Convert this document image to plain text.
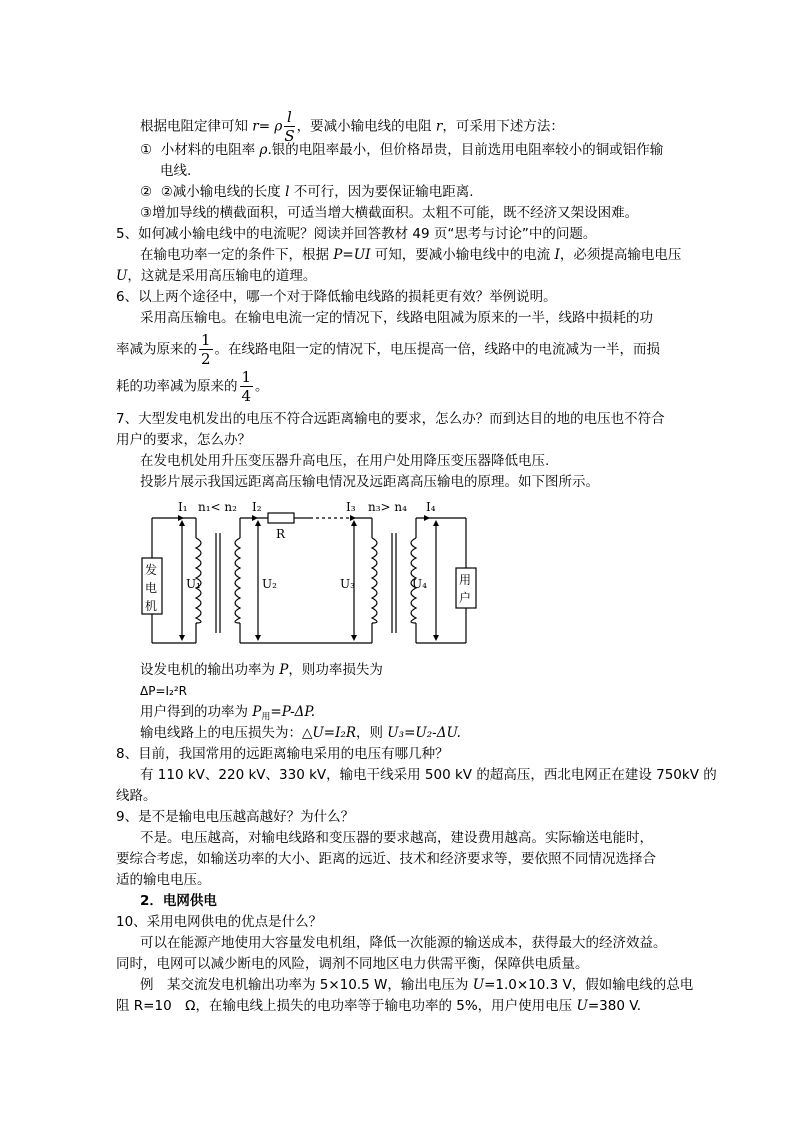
根据电阻定律可知 r= ρ $\frac{l}{S}$ ，要减小输电线的电阻 r，可采用下述方法：
① 小材料的电阻率 ρ.银的电阻率最小，但价格昂贵，目前选用电阻率较小的铜或铝作输
电线.
② ②减小输电线的长度 l 不可行，因为要保证输电距离.
③增加导线的横截面积，可适当增大横截面积。太粗不可能，既不经济又架设困难。
5、如何减小输电线中的电流呢？阅读并回答教材 49 页“思考与讨论”中的问题。
在输电功率一定的条件下，根据 P=UI 可知，要减小输电线中的电流 I，必须提高输电电压
U，这就是采用高压输电的道理。
6、以上两个途径中，哪一个对于降低输电线路的损耗更有效？举例说明。
采用高压输电。在输电电流一定的情况下，线路电阻减为原来的一半，线路中损耗的功
率减为原来的 $\frac{1}{2}$ 。在线路电阻一定的情况下，电压提高一倍，线路中的电流减为一半，而损
耗的功率减为原来的 $\frac{1}{4}$ 。
7、大型发电机发出的电压不符合远距离输电的要求，怎么办？而到达目的地的电压也不符合
用户的要求，怎么办？
在发电机处用升压变压器升高电压，在用户处用降压变压器降低电压.
投影片展示我国远距离高压输电情况及远距离高压输电的原理。如下图所示。
I₁ n₁< n₂ I₂
R
I₃ n₃> n₄ I₄
U₁	U₂	U₃	U₄
发
电
机
用
户
设发电机的输出功率为 P，则功率损失为
ΔP=I₂²R
用户得到的功率为 $P_用=P-\Delta P$.
输电线路上的电压损失为：△U=I₂R，则 U₃=U₂-ΔU.
8、目前，我国常用的远距离输电采用的电压有哪几种？
有 110 kV、220 kV、330 kV，输电干线采用 500 kV 的超高压，西北电网正在建设 750kV 的
线路。
9、是不是输电电压越高越好？为什么？
不是。电压越高，对输电线路和变压器的要求越高，建设费用越高。实际输送电能时，
要综合考虑，如输送功率的大小、距离的远近、技术和经济要求等，要依照不同情况选择合
适的输电电压。
2．电网供电
10、采用电网供电的优点是什么？
可以在能源产地使用大容量发电机组，降低一次能源的输送成本，获得最大的经济效益。
同时，电网可以减少断电的风险，调剂不同地区电力供需平衡，保障供电质量。
例　某交流发电机输出功率为 5×10.5 W，输出电压为 U=1.0×10.3 V，假如输电线的总电
阻 R=10　Ω，在输电线上损失的电功率等于输电功率的 5%，用户使用电压 U=380 V.
